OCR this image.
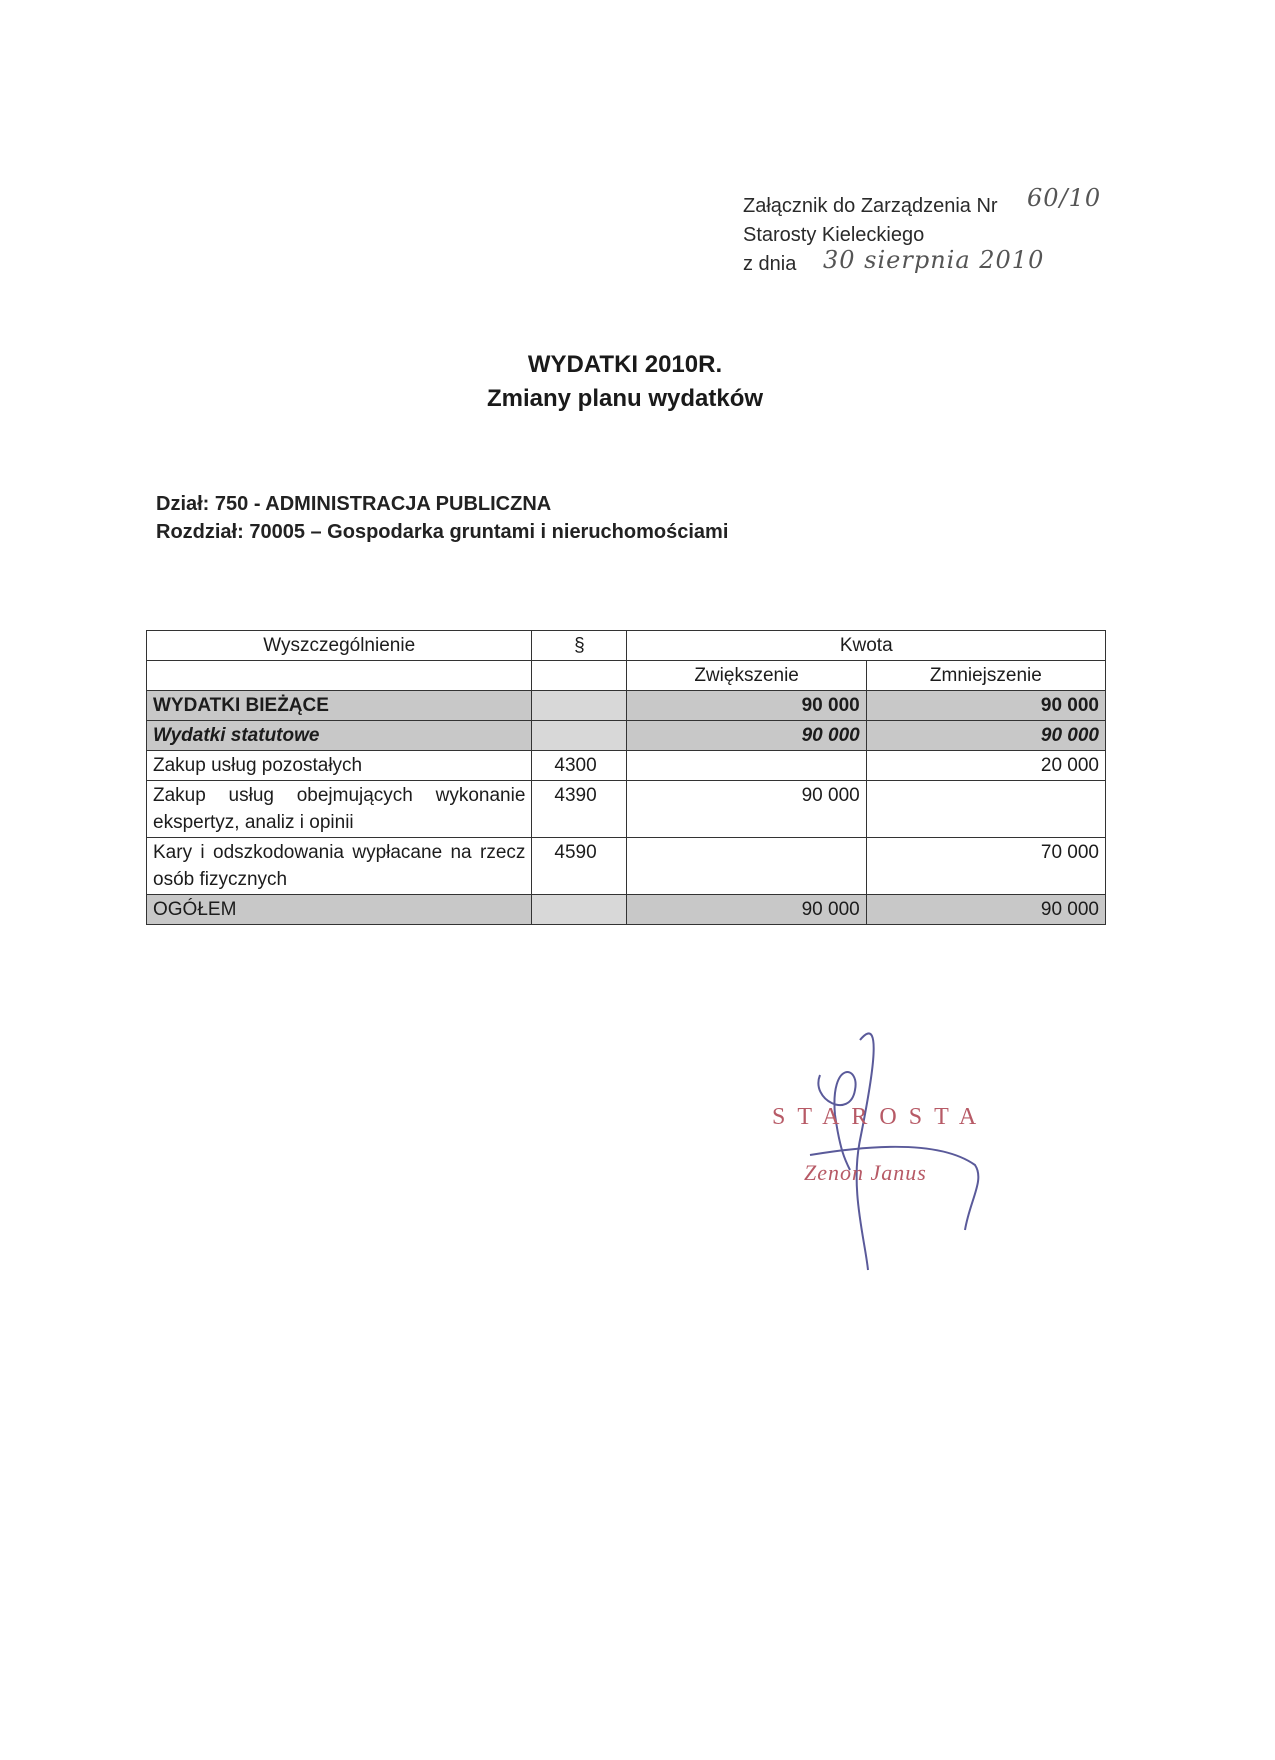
Załącznik do Zarządzenia Nr 60/10
Starosty Kieleckiego
z dnia 30 sierpnia 2010
WYDATKI 2010R.
Zmiany planu wydatków
Dział: 750 - ADMINISTRACJA PUBLICZNA
Rozdział: 70005 – Gospodarka gruntami i nieruchomościami
Wyszczególnienie	§	Kwota	
		Zwiększenie	Zmniejszenie
WYDATKI BIEŻĄCE		90 000	90 000
Wydatki statutowe		90 000	90 000
Zakup usług pozostałych	4300		20 000
Zakup usług obejmujących wykonanie ekspertyz, analiz i opinii	4390	90 000	
Kary i odszkodowania wypłacane na rzecz osób fizycznych	4590		70 000
OGÓŁEM		90 000	90 000
STAROSTA
Zenon Janus
